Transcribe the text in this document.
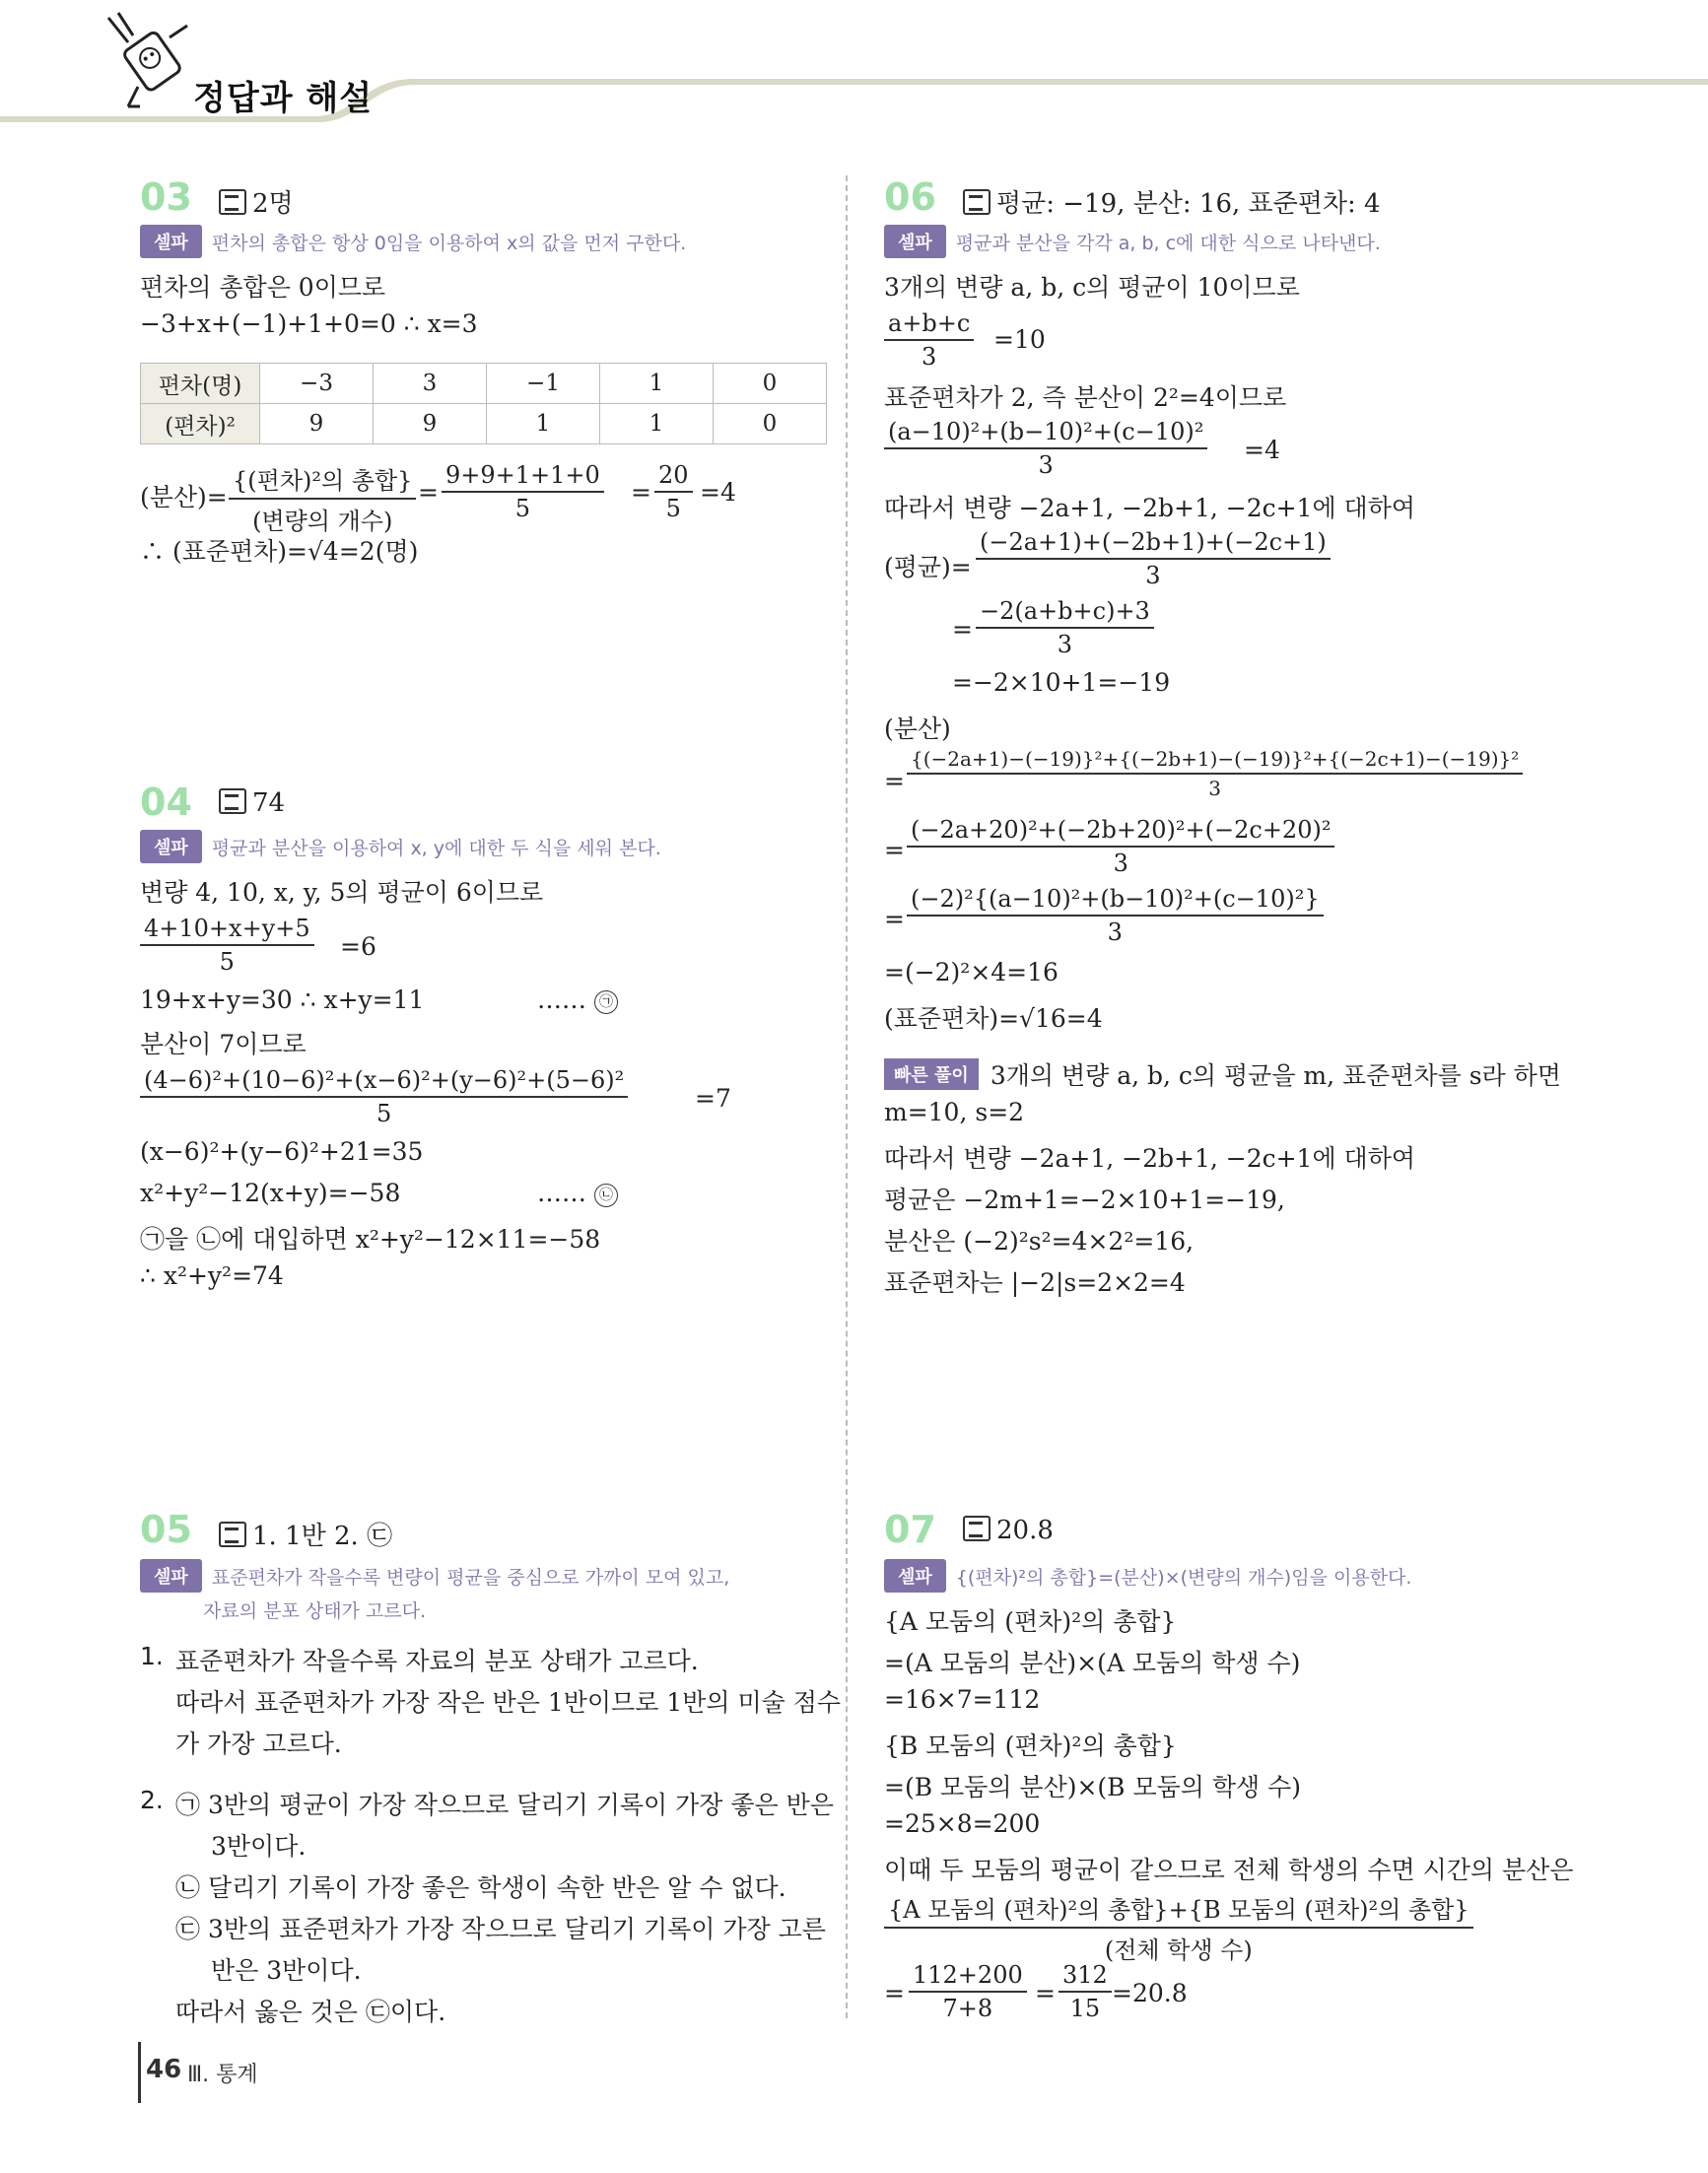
정답과 해설
03	2명
셀파	편차의 총합은 항상 0임을 이용하여 x의 값을 먼저 구한다.
편차의 총합은 0이므로
−3+x+(−1)+1+0=0 ∴ x=3
편차(명)	−3	3	−1	1	0
(편차)²	9	9	1	1	0
(분산)=
{(편차)²의 총합}
(변량의 개수)
= $\frac{9+9+1+1+0}{5} = \frac{20}{5} =4$
∴ (표준편차)=√4=2(명)
04	74
셀파	평균과 분산을 이용하여 x, y에 대한 두 식을 세워 본다.
변량 4, 10, x, y, 5의 평균이 6이므로
$\frac{4+10+x+y+5}{5} =6$
19+x+y=30 ∴ x+y=11	…… ㉠
분산이 7이므로
$\frac{\text{(4−6)²+(10−6)²+(x−6)²+(y−6)²+(5−6)²}}{5}$	=7
(x−6)²+(y−6)²+21=35
x²+y²−12(x+y)=−58	…… ㉡
㉠을 ㉡에 대입하면 x²+y²−12×11=−58
∴ x²+y²=74
05	1. 1반 2. ㉢
셀파	표준편차가 작을수록 변량이 평균을 중심으로 가까이 모여 있고,
자료의 분포 상태가 고르다.
1. 표준편차가 작을수록 자료의 분포 상태가 고르다.
따라서 표준편차가 가장 작은 반은 1반이므로 1반의 미술 점수
가 가장 고르다.
2. ㉠ 3반의 평균이 가장 작으므로 달리기 기록이 가장 좋은 반은
3반이다.
㉡ 달리기 기록이 가장 좋은 학생이 속한 반은 알 수 없다.
㉢ 3반의 표준편차가 가장 작으므로 달리기 기록이 가장 고른
반은 3반이다.
따라서 옳은 것은 ㉢이다.
06	평균: −19, 분산: 16, 표준편차: 4
셀파	평균과 분산을 각각 a, b, c에 대한 식으로 나타낸다.
3개의 변량 a, b, c의 평균이 10이므로
$\frac{a+b+c}{3} =10$
표준편차가 2, 즉 분산이 2²=4이므로
$\frac{\text{(a−10)²+(b−10)²+(c−10)²}}{3} =4$
따라서 변량 −2a+1, −2b+1, −2c+1에 대하여
(평균)= $\frac{(-2a+1)+(-2b+1)+(-2c+1)}{3}$
= $\frac{-2(a+b+c)+3}{3}$
=−2×10+1=−19
(분산)
= $\frac{\text{\{(−2a+1)−(−19)\}²+\{(−2b+1)−(−19)\}²+\{(−2c+1)−(−19)\}²}}{3}$
= $\frac{\text{(−2a+20)²+(−2b+20)²+(−2c+20)²}}{3}$
= $\frac{\text{(−2)²\{(a−10)²+(b−10)²+(c−10)²\}}}{3}$
=(−2)²×4=16
(표준편차)=√16=4
빠른 풀이 3개의 변량 a, b, c의 평균을 m, 표준편차를 s라 하면
m=10, s=2
따라서 변량 −2a+1, −2b+1, −2c+1에 대하여
평균은 −2m+1=−2×10+1=−19,
분산은 (−2)²s²=4×2²=16,
표준편차는 |−2|s=2×2=4
07	20.8
셀파	{(편차)²의 총합}=(분산)×(변량의 개수)임을 이용한다.
{A 모둠의 (편차)²의 총합}
=(A 모둠의 분산)×(A 모둠의 학생 수)
=16×7=112
{B 모둠의 (편차)²의 총합}
=(B 모둠의 분산)×(B 모둠의 학생 수)
=25×8=200
이때 두 모둠의 평균이 같으므로 전체 학생의 수면 시간의 분산은
{A 모둠의 (편차)²의 총합}+{B 모둠의 (편차)²의 총합}
(전체 학생 수)
= $\frac{112+200}{7+8} = \frac{312}{15} =20.8$
46 Ⅲ. 통계
